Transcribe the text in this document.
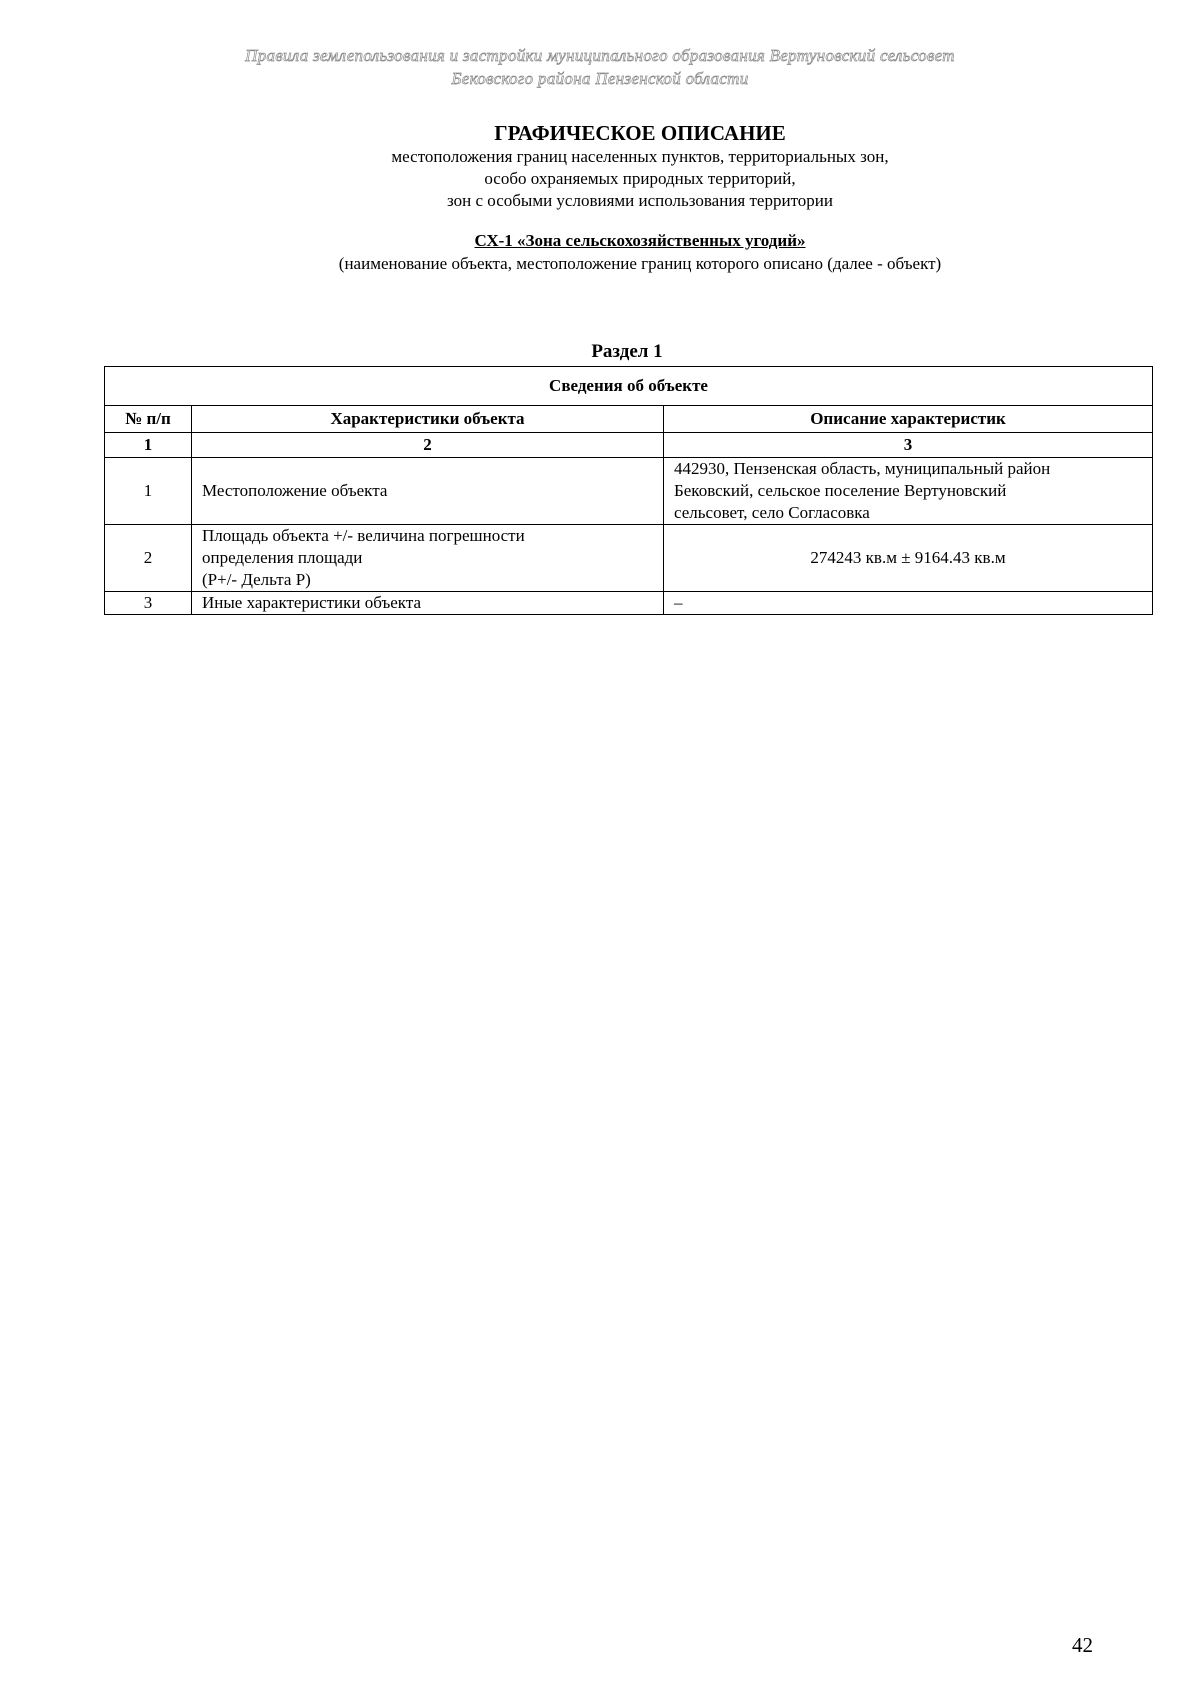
Правила землепользования и застройки муниципального образования Вертуновский сельсовет
Бековского района Пензенской области
ГРАФИЧЕСКОЕ ОПИСАНИЕ
местоположения границ населенных пунктов, территориальных зон,
особо охраняемых природных территорий,
зон с особыми условиями использования территории
СХ-1 «Зона сельскохозяйственных угодий»
(наименование объекта, местоположение границ которого описано (далее - объект)
Раздел 1
Сведения об объекте		
№ п/п	Характеристики объекта	Описание характеристик
1	2	3
1	Местоположение объекта	442930, Пензенская область, муниципальный район
Бековский, сельское поселение Вертуновский
сельсовет, село Согласовка

2	Площадь объекта +/- величина погрешности
определения площади
(P+/- Дельта P)	274243 кв.м ± 9164.43 кв.м

3	Иные характеристики объекта	–
42
